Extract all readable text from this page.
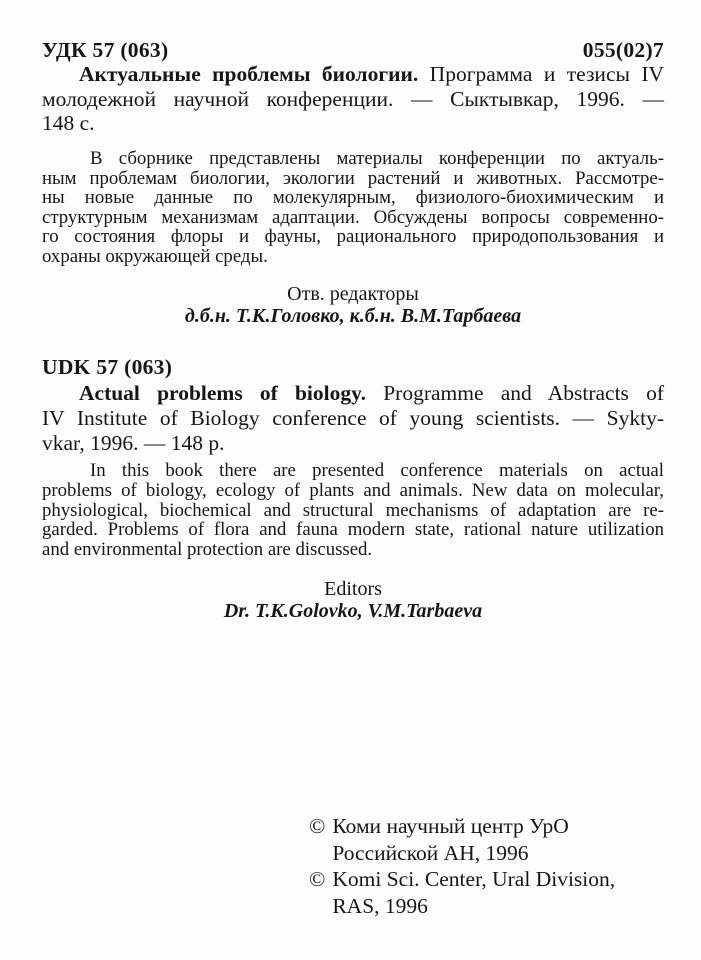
УДК 57 (063)	055(02)7
Актуальные проблемы биологии. Программа и тезисы IV
молодежной научной конференции. — Сыктывкар, 1996. —
148 с.
В сборнике представлены материалы конференции по актуаль-
ным проблемам биологии, экологии растений и животных. Рассмотре-
ны новые данные по молекулярным, физиолого-биохимическим и
структурным механизмам адаптации. Обсуждены вопросы современно-
го состояния флоры и фауны, рационального природопользования и
охраны окружающей среды.
Отв. редакторы
д.б.н. Т.К.Головко, к.б.н. В.М.Тарбаева
UDK 57 (063)
Actual problems of biology. Programme and Abstracts of
IV Institute of Biology conference of young scientists. — Sykty-
vkar, 1996. — 148 p.
In this book there are presented conference materials on actual
problems of biology, ecology of plants and animals. New data on molecular,
physiological, biochemical and structural mechanisms of adaptation are re-
garded. Problems of flora and fauna modern state, rational nature utilization
and environmental protection are discussed.
Editors
Dr. T.K.Golovko, V.M.Tarbaeva
© Коми научный центр УрО
Российской АН, 1996
© Komi Sci. Center, Ural Division,
RAS, 1996
